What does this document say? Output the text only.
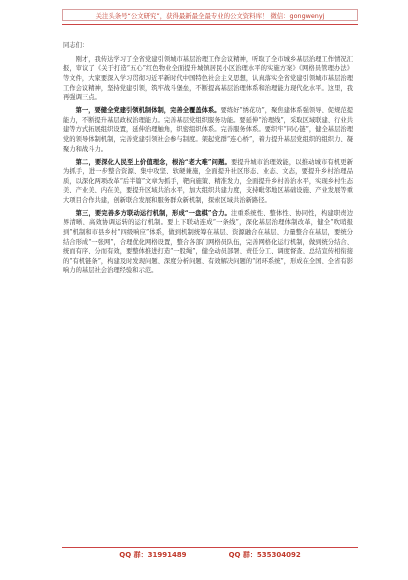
关注头条号“公文研究”，获得最新最全最专业的公文资料库！ 微信：gongwenyj

同志们：

刚才，我传达学习了全省党建引领城市基层治理工作会议精神，听取了全市城乡基层治理工作情况汇报，审议了《关于打造“五心”红色物业全面提升城镇居民小区治理水平的实施方案》《网格员管理办法》等文件，大家要深入学习贯彻习近平新时代中国特色社会主义思想，认真落实全省党建引领城市基层治理工作会议精神，坚持党建引领，筑牢战斗堡垒，不断提高基层治理体系和治理能力现代化水平。这里，我再强调三点。

第一，要健全党建引领机制体制，完善全覆盖体系。要练好“绣花功”，聚焦建体系强领导、促规范提能力，不断提升基层政权治理能力。完善基层党组织服务功能。要延伸“治理线”，采取区域联建、行业共建等方式拓展组织设置，延伸治理触角，织密组织体系。完善服务体系。要织牢“同心链”，健全基层治理党的领导体制机制，完善党建引领社会参与制度。架起党群“连心桥”，着力提升基层党组织的组织力、凝聚力和战斗力。

第二，要深化人民至上价值理念，根治“老大难”问题。要提升城市治理效能，以推动城市有机更新为抓手，进一步整合资源、集中攻坚、软硬兼施，全面提升社区形态、业态、文态，要提升乡村治理品质，以深化两项改革“后半篇”文章为抓手，靶向施策、精准发力，全面提升乡村善治水平，实现乡村生态美、产业美、内在美，要提升区域共治水平，加大组织共建力度，支持毗邻地区基础设施、产业发展等重大项目合作共建，创新联合发展和服务群众新机制，探索区域共治新路径。

第三，要完善多方联动运行机制，形成“一盘棋”合力。注重系统性、整体性、协同性，构建职责边界清晰、高效协调运转的运行机制。要上下联动连成“一条线”，深化基层治理体制改革，健全“吹哨报到”机制和市县乡村“四级响应”体系，做到机制统筹在基层、资源融合在基层、力量整合在基层，要统分结合形成“一张网”，合理优化网格设置，整合各部门网格员队伍，完善网格化运行机制，做到统分结合、统而有序、分而有效，要整体推进打造“一股绳”，健全动员部署、责任分工、调度督查、总结宣传相衔接的“有机链条”，构建及时发现问题、深度分析问题、有效解决问题的“闭环系统”，形成在全国、全省有影响力的基层社会治理经验和示范。

QQ 群：31991489	QQ 群：535304092
